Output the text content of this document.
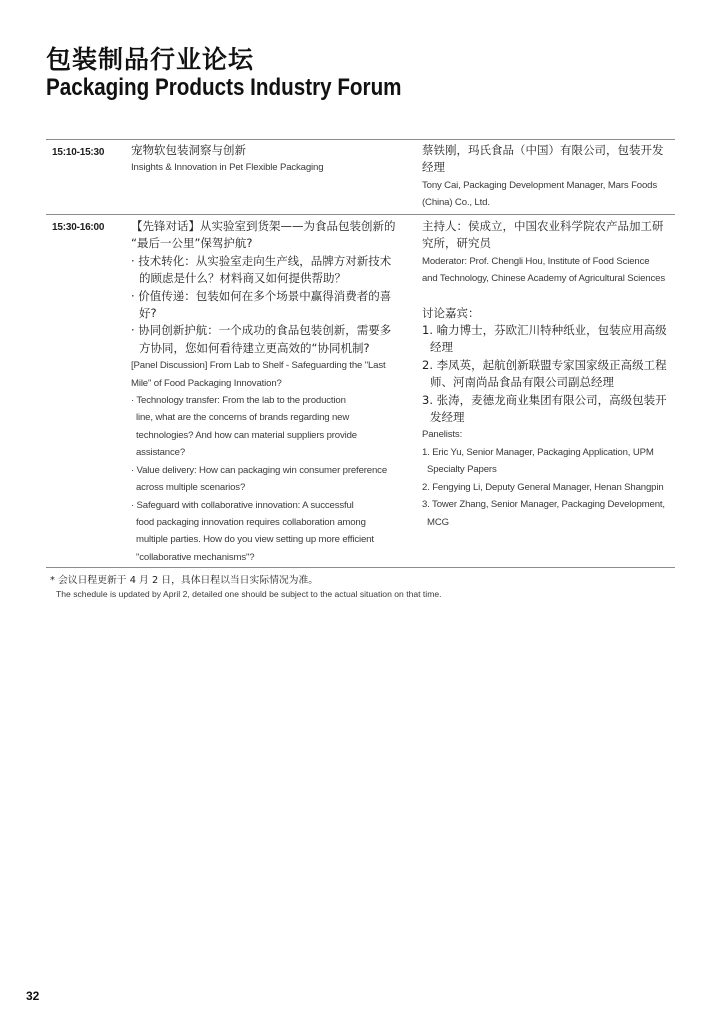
包装制品行业论坛
Packaging Products Industry Forum
15:10-15:30 宠物软包装洞察与创新
Insights & Innovation in Pet Flexible Packaging
蔡铁刚，玛氏食品（中国）有限公司，包装开发
经理
Tony Cai, Packaging Development Manager, Mars Foods
(China) Co., Ltd.
15:30-16:00 【先锋对话】从实验室到货架——为食品包装创新的
“最后一公里”保驾护航?
· 技术转化：从实验室走向生产线，品牌方对新技术
的顾虑是什么？材料商又如何提供帮助？
· 价值传递：包装如何在多个场景中赢得消费者的喜
好?
· 协同创新护航：一个成功的食品包装创新，需要多
方协同，您如何看待建立更高效的“协同机制?
[Panel Discussion] From Lab to Shelf - Safeguarding the "Last
Mile" of Food Packaging Innovation?
· Technology transfer: From the lab to the production
line, what are the concerns of brands regarding new
technologies? And how can material suppliers provide
assistance?
· Value delivery: How can packaging win consumer preference
across multiple scenarios?
· Safeguard with collaborative innovation: A successful
food packaging innovation requires collaboration among
multiple parties. How do you view setting up more efficient
"collaborative mechanisms"?
主持人：侯成立，中国农业科学院农产品加工研
究所，研究员
Moderator: Prof. Chengli Hou, Institute of Food Science
and Technology, Chinese Academy of Agricultural Sciences
讨论嘉宾：
1. 喻力博士，芬欧汇川特种纸业，包装应用高级
经理
2. 李凤英，起航创新联盟专家国家级正高级工程
师、河南尚品食品有限公司副总经理
3. 张涛，麦德龙商业集团有限公司，高级包装开
发经理
Panelists:
1. Eric Yu, Senior Manager, Packaging Application, UPM
Specialty Papers
2. Fengying Li, Deputy General Manager, Henan Shangpin
3. Tower Zhang, Senior Manager, Packaging Development,
MCG
* 会议日程更新于 4 月 2 日，具体日程以当日实际情况为准。
The schedule is updated by April 2, detailed one should be subject to the actual situation on that time.
32
